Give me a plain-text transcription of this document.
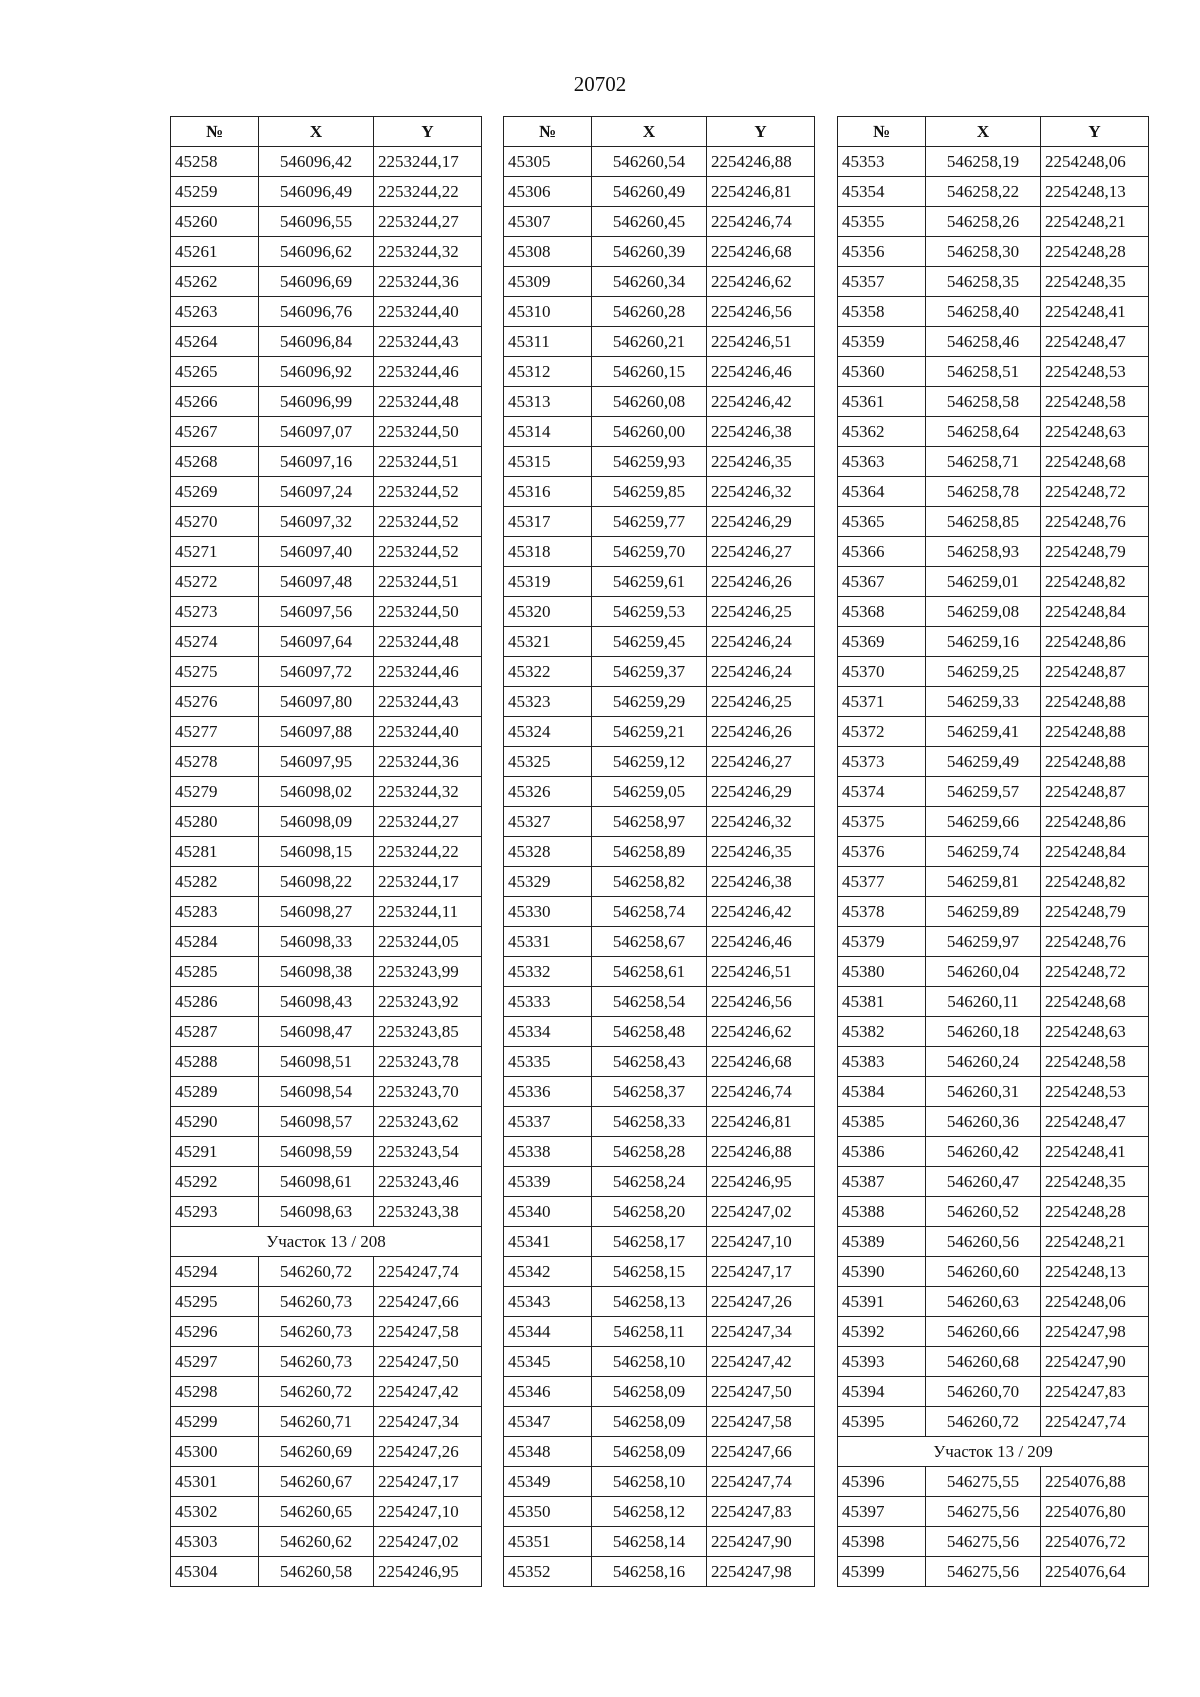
20702
№	X	Y
45258	546096,42	2253244,17
45259	546096,49	2253244,22
45260	546096,55	2253244,27
45261	546096,62	2253244,32
45262	546096,69	2253244,36
45263	546096,76	2253244,40
45264	546096,84	2253244,43
45265	546096,92	2253244,46
45266	546096,99	2253244,48
45267	546097,07	2253244,50
45268	546097,16	2253244,51
45269	546097,24	2253244,52
45270	546097,32	2253244,52
45271	546097,40	2253244,52
45272	546097,48	2253244,51
45273	546097,56	2253244,50
45274	546097,64	2253244,48
45275	546097,72	2253244,46
45276	546097,80	2253244,43
45277	546097,88	2253244,40
45278	546097,95	2253244,36
45279	546098,02	2253244,32
45280	546098,09	2253244,27
45281	546098,15	2253244,22
45282	546098,22	2253244,17
45283	546098,27	2253244,11
45284	546098,33	2253244,05
45285	546098,38	2253243,99
45286	546098,43	2253243,92
45287	546098,47	2253243,85
45288	546098,51	2253243,78
45289	546098,54	2253243,70
45290	546098,57	2253243,62
45291	546098,59	2253243,54
45292	546098,61	2253243,46
45293	546098,63	2253243,38
Участок 13 / 208		
45294	546260,72	2254247,74
45295	546260,73	2254247,66
45296	546260,73	2254247,58
45297	546260,73	2254247,50
45298	546260,72	2254247,42
45299	546260,71	2254247,34
45300	546260,69	2254247,26
45301	546260,67	2254247,17
45302	546260,65	2254247,10
45303	546260,62	2254247,02
45304	546260,58	2254246,95
№	X	Y
45305	546260,54	2254246,88
45306	546260,49	2254246,81
45307	546260,45	2254246,74
45308	546260,39	2254246,68
45309	546260,34	2254246,62
45310	546260,28	2254246,56
45311	546260,21	2254246,51
45312	546260,15	2254246,46
45313	546260,08	2254246,42
45314	546260,00	2254246,38
45315	546259,93	2254246,35
45316	546259,85	2254246,32
45317	546259,77	2254246,29
45318	546259,70	2254246,27
45319	546259,61	2254246,26
45320	546259,53	2254246,25
45321	546259,45	2254246,24
45322	546259,37	2254246,24
45323	546259,29	2254246,25
45324	546259,21	2254246,26
45325	546259,12	2254246,27
45326	546259,05	2254246,29
45327	546258,97	2254246,32
45328	546258,89	2254246,35
45329	546258,82	2254246,38
45330	546258,74	2254246,42
45331	546258,67	2254246,46
45332	546258,61	2254246,51
45333	546258,54	2254246,56
45334	546258,48	2254246,62
45335	546258,43	2254246,68
45336	546258,37	2254246,74
45337	546258,33	2254246,81
45338	546258,28	2254246,88
45339	546258,24	2254246,95
45340	546258,20	2254247,02
45341	546258,17	2254247,10
45342	546258,15	2254247,17
45343	546258,13	2254247,26
45344	546258,11	2254247,34
45345	546258,10	2254247,42
45346	546258,09	2254247,50
45347	546258,09	2254247,58
45348	546258,09	2254247,66
45349	546258,10	2254247,74
45350	546258,12	2254247,83
45351	546258,14	2254247,90
45352	546258,16	2254247,98
№	X	Y
45353	546258,19	2254248,06
45354	546258,22	2254248,13
45355	546258,26	2254248,21
45356	546258,30	2254248,28
45357	546258,35	2254248,35
45358	546258,40	2254248,41
45359	546258,46	2254248,47
45360	546258,51	2254248,53
45361	546258,58	2254248,58
45362	546258,64	2254248,63
45363	546258,71	2254248,68
45364	546258,78	2254248,72
45365	546258,85	2254248,76
45366	546258,93	2254248,79
45367	546259,01	2254248,82
45368	546259,08	2254248,84
45369	546259,16	2254248,86
45370	546259,25	2254248,87
45371	546259,33	2254248,88
45372	546259,41	2254248,88
45373	546259,49	2254248,88
45374	546259,57	2254248,87
45375	546259,66	2254248,86
45376	546259,74	2254248,84
45377	546259,81	2254248,82
45378	546259,89	2254248,79
45379	546259,97	2254248,76
45380	546260,04	2254248,72
45381	546260,11	2254248,68
45382	546260,18	2254248,63
45383	546260,24	2254248,58
45384	546260,31	2254248,53
45385	546260,36	2254248,47
45386	546260,42	2254248,41
45387	546260,47	2254248,35
45388	546260,52	2254248,28
45389	546260,56	2254248,21
45390	546260,60	2254248,13
45391	546260,63	2254248,06
45392	546260,66	2254247,98
45393	546260,68	2254247,90
45394	546260,70	2254247,83
45395	546260,72	2254247,74
Участок 13 / 209		
45396	546275,55	2254076,88
45397	546275,56	2254076,80
45398	546275,56	2254076,72
45399	546275,56	2254076,64
